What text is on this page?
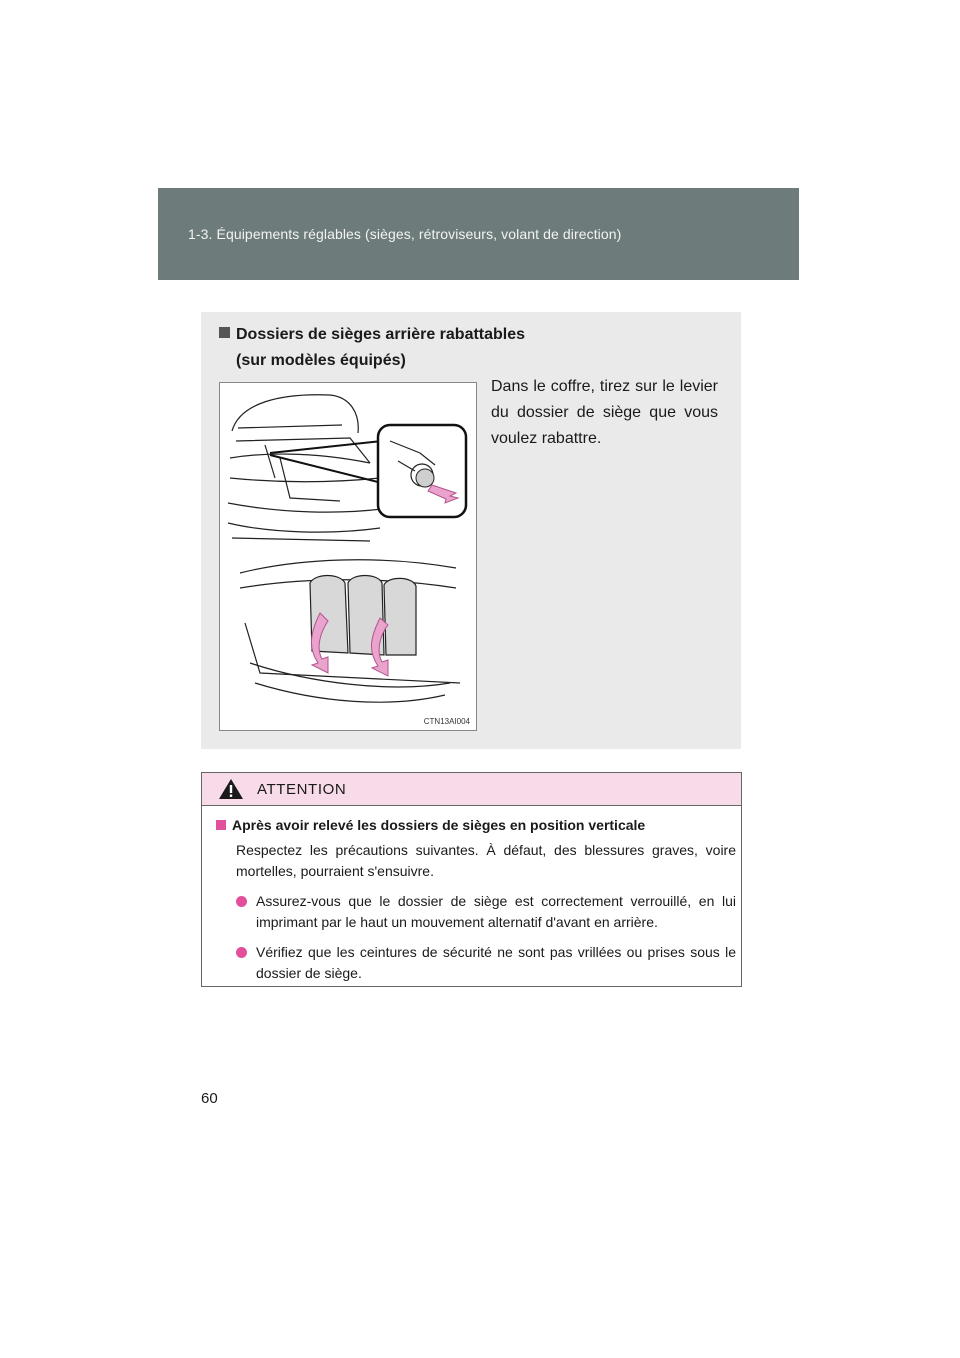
1-3. Équipements réglables (sièges, rétroviseurs, volant de direction)
Dossiers de sièges arrière rabattables
(sur modèles équipés)
CTN13AI004
Dans le coffre, tirez sur le levier du dossier de siège que vous voulez rabattre.
ATTENTION
Après avoir relevé les dossiers de sièges en position verticale
Respectez les précautions suivantes. À défaut, des blessures graves, voire mortelles, pourraient s'ensuivre.
Assurez-vous que le dossier de siège est correctement verrouillé, en lui imprimant par le haut un mouvement alternatif d'avant en arrière.
Vérifiez que les ceintures de sécurité ne sont pas vrillées ou prises sous le dossier de siège.
60
